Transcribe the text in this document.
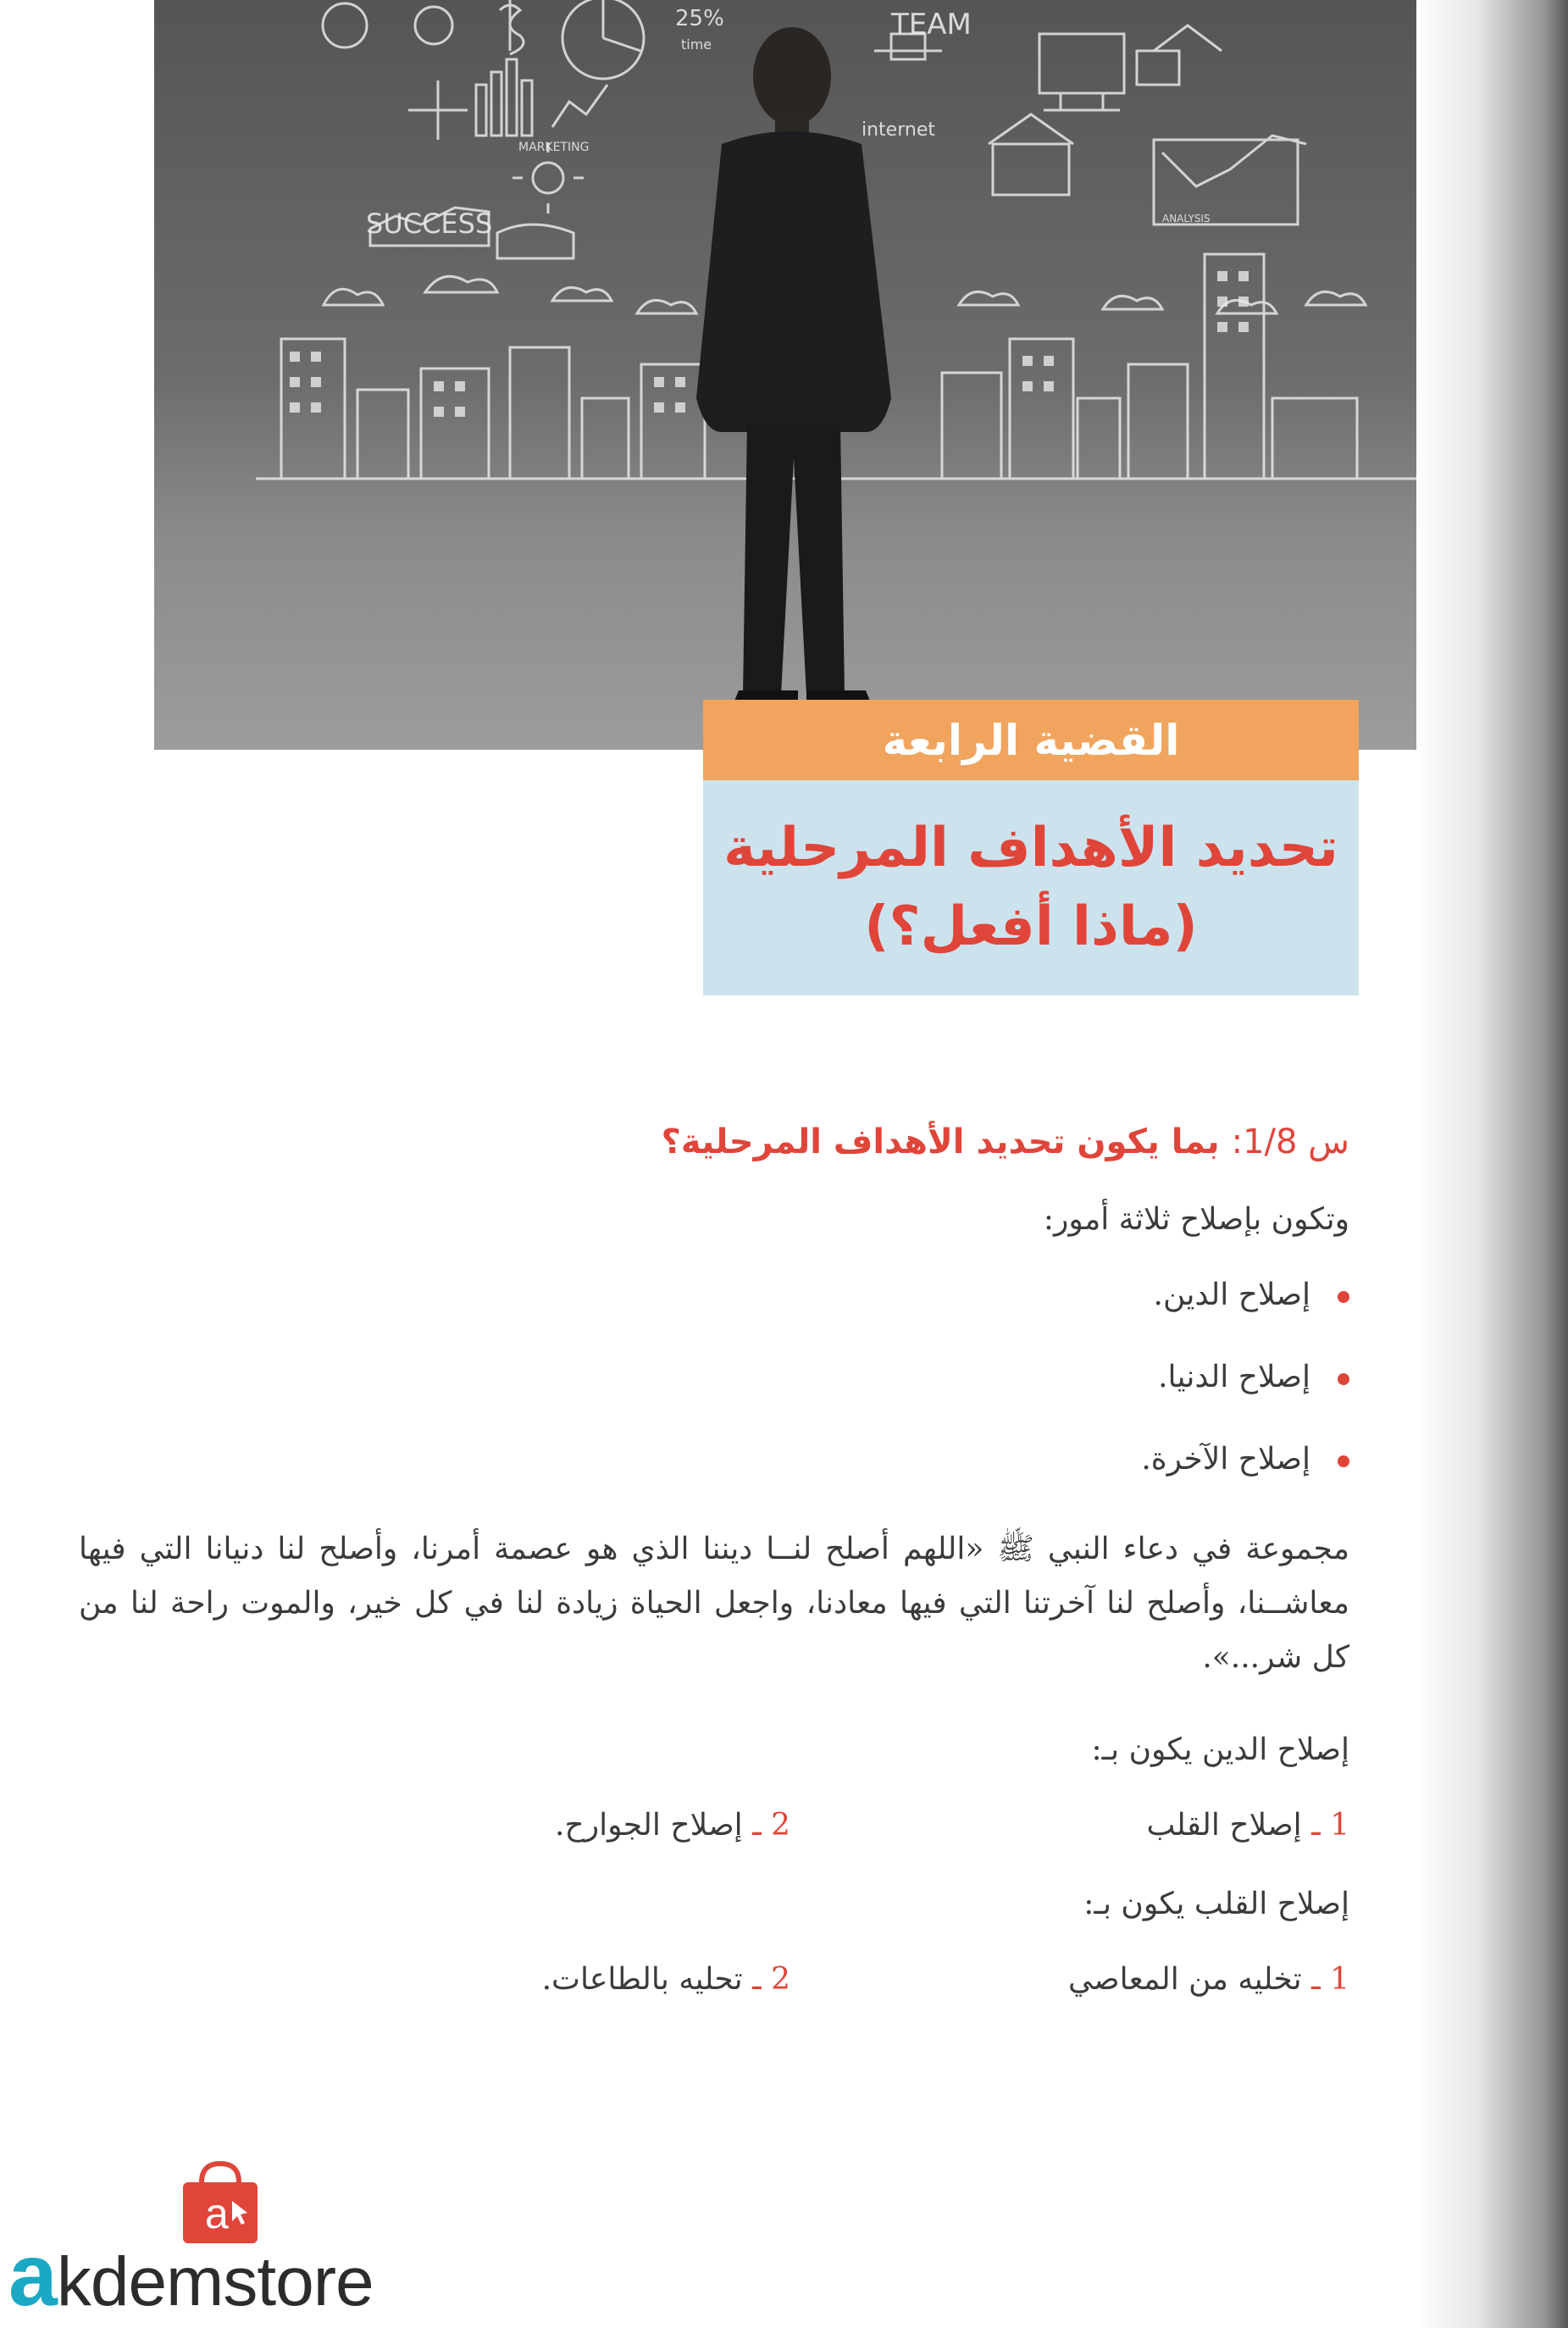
TEAM
internet
MARKETING
SUCCESS
25%
time
ANALYSIS
القضية الرابعة
تحديد الأهداف المرحلية
(ماذا أفعل؟)
س 1/8: بما يكون تحديد الأهداف المرحلية؟

وتكون بإصلاح ثلاثة أمور:

إصلاح الدين.
إصلاح الدنيا.
إصلاح الآخرة.

مجموعة في دعاء النبي ﷺ «اللهم أصلح لنــا ديننا الذي هو عصمة أمرنا، وأصلح لنا دنيانا التي فيها معاشــنا، وأصلح لنا آخرتنا التي فيها معادنا، واجعل الحياة زيادة لنا في كل خير، والموت راحة لنا من كل شر...».

إصلاح الدين يكون بـ:

1 ـ إصلاح القلب
2 ـ إصلاح الجوارح.

إصلاح القلب يكون بـ:

1 ـ تخليه من المعاصي
2 ـ تحليه بالطاعات.
a
akdemstore
